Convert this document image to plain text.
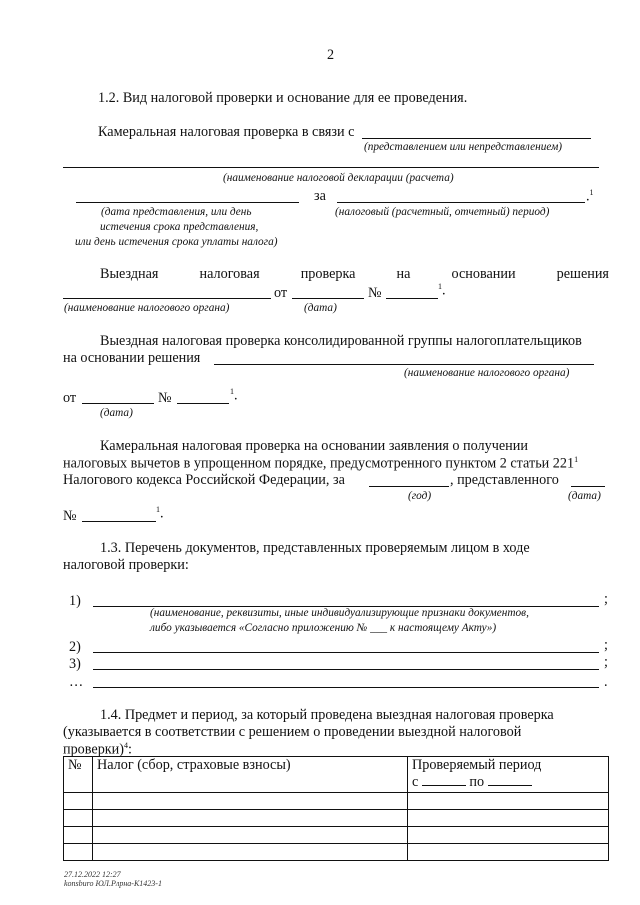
2
1.2. Вид налоговой проверки и основание для ее проведения.
Камеральная налоговая проверка в связи с
(представлением или непредставлением)
(наименование налоговой декларации (расчета)
за	.$^1$
(дата представления, или день	(налоговый (расчетный, отчетный) период)
истечения срока представления,
или день истечения срока уплаты налога)
Выездная	налоговая	проверка	на	основании	решения
от	№	$^1$.
(наименование налогового органа)	(дата)
Выездная налоговая проверка консолидированной группы налогоплательщиков
на основании решения
(наименование налогового органа)
от	№	$^1$.
(дата)
Камеральная налоговая проверка на основании заявления о получении
налоговых вычетов в упрощенном порядке, предусмотренного пунктом 2 статьи $221^1$
Налогового кодекса Российской Федерации, за	, представленного
(год)	(дата)
№	$^1$.
1.3. Перечень документов, представленных проверяемым лицом в ходе
налоговой проверки:
1)	;
(наименование, реквизиты, иные индивидуализирующие признаки документов,
либо указывается «Согласно приложению № ___ к настоящему Акту»)
2)	;
3)	;
…	.
1.4. Предмет и период, за который проведена выездная налоговая проверка
(указывается в соответствии с решением о проведении выездной налоговой
проверки)$^4$:
№	Налог (сбор, страховые взносы)	Проверяемый период
с по

27.12.2022 12:27
konsburo ЮЛ.Рлрна-К1423-1
